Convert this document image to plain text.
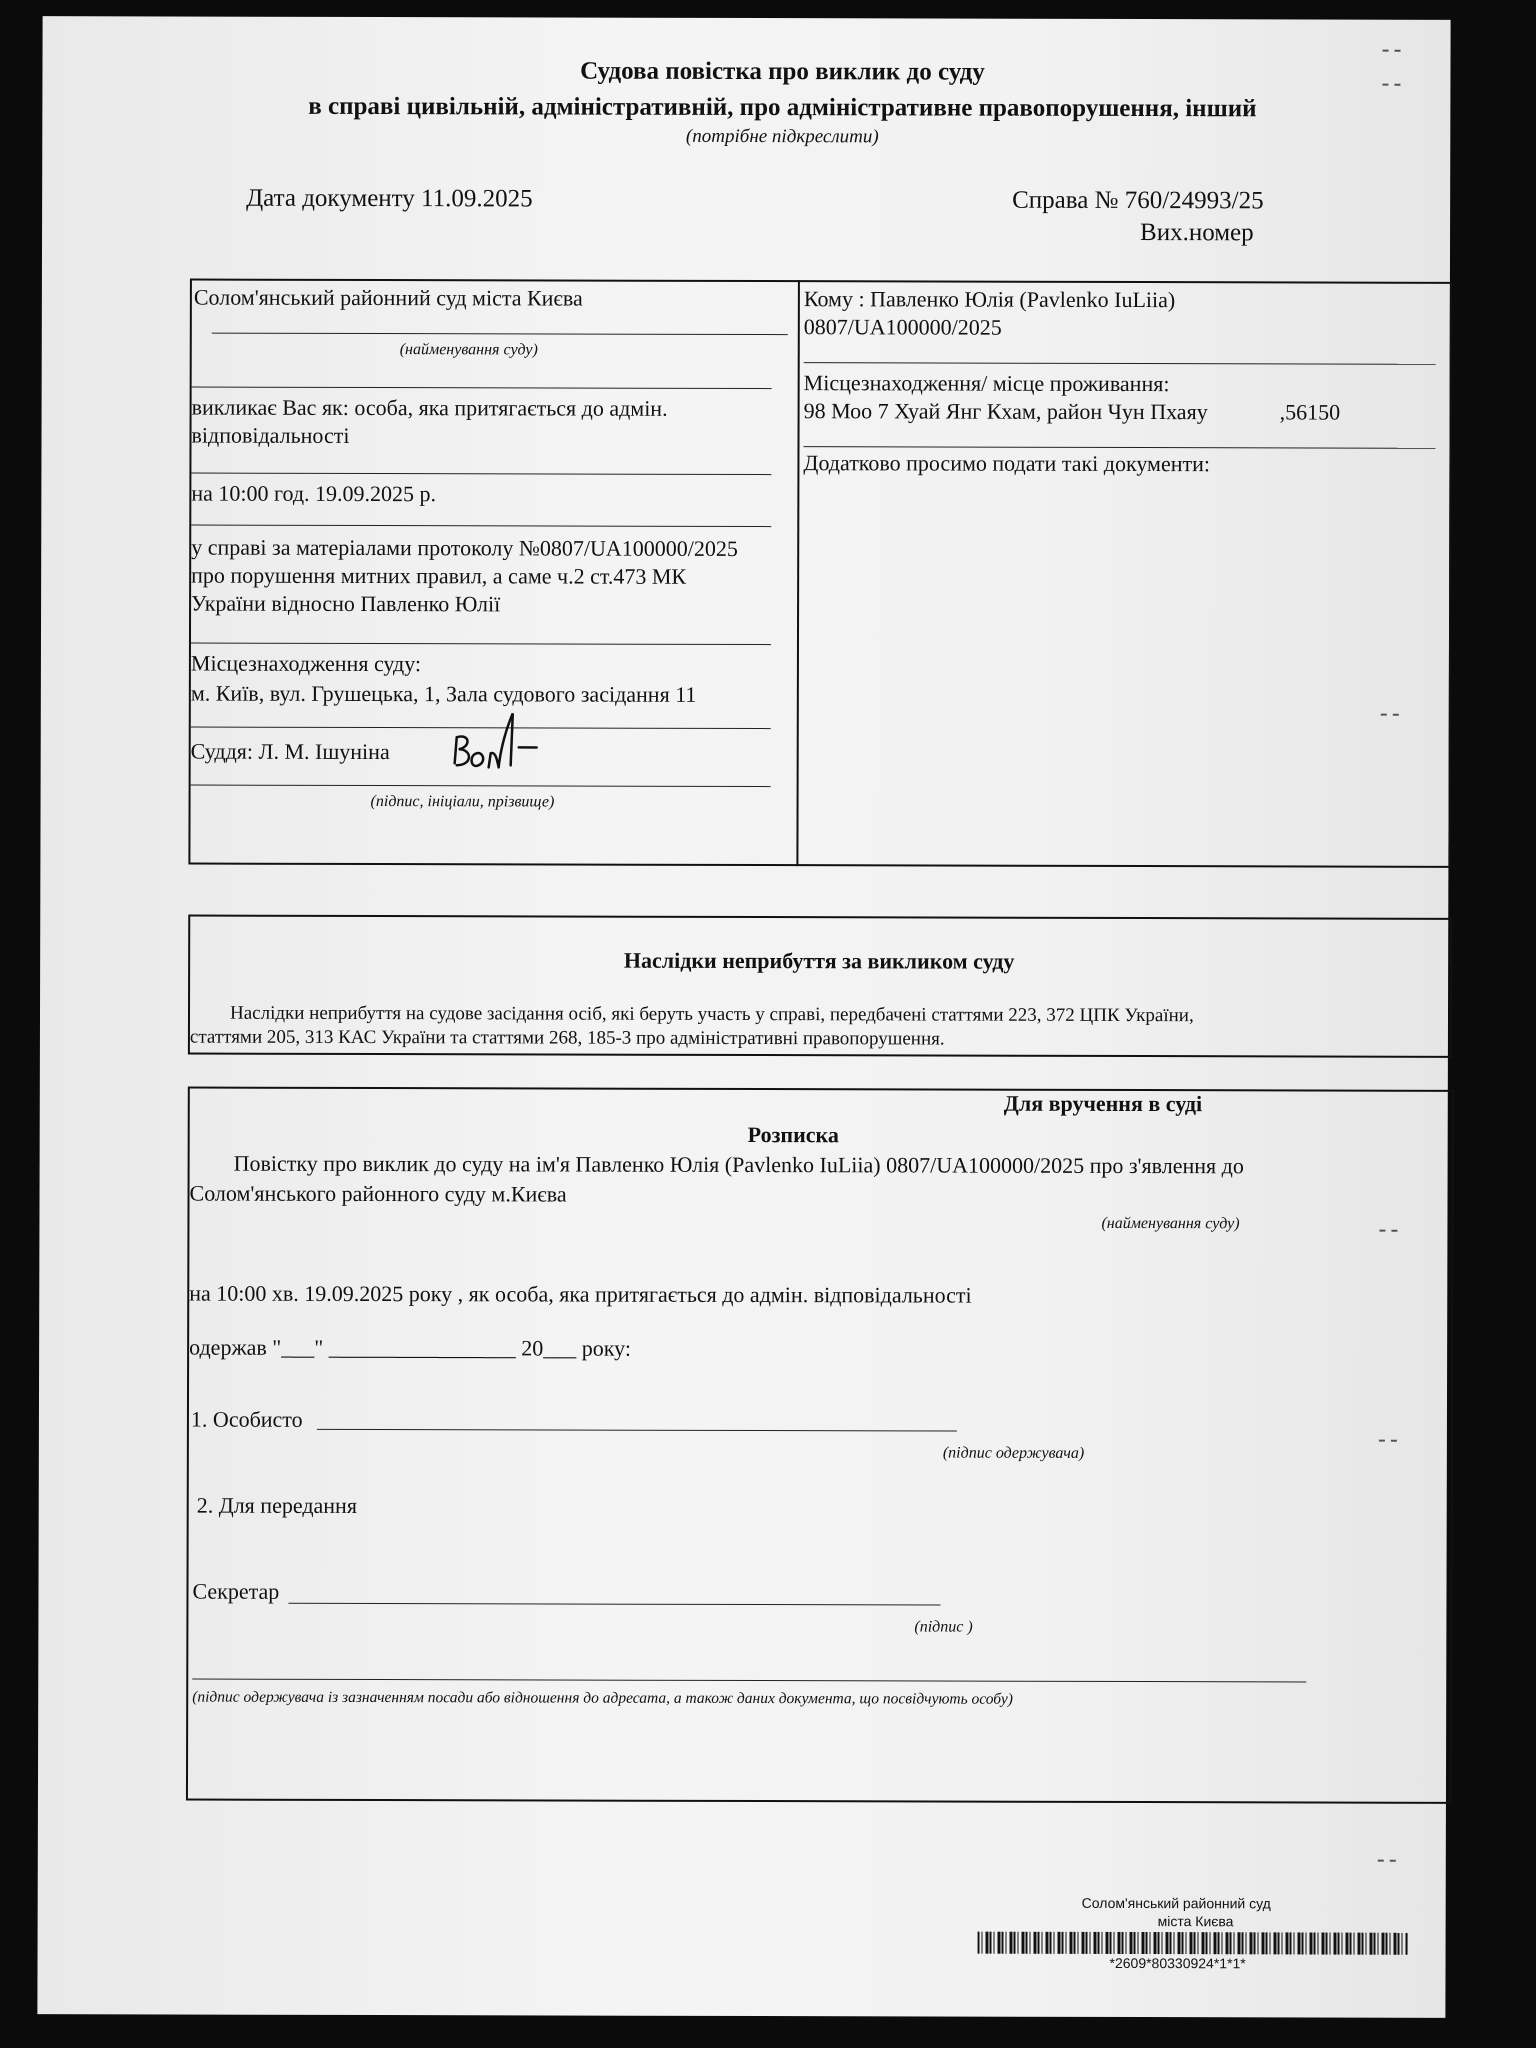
Судова повістка про виклик до суду
в справі цивільній, адміністративній, про адміністративне правопорушення, інший
(потрібне підкреслити)
Дата документу 11.09.2025	Справа № 760/24993/25
Вих.номер
Солом'янський районний суд міста Києва
(найменування суду)
викликає Вас як: особа, яка притягається до адмін.
відповідальності
на 10:00 год. 19.09.2025 р.
у справі за матеріалами протоколу №0807/UA100000/2025
про порушення митних правил, а саме ч.2 ст.473 МК
України відносно Павленко Юлії
Місцезнаходження суду:
м. Київ, вул. Грушецька, 1, Зала судового засідання 11
Суддя: Л. М. Ішуніна
(підпис, ініціали, прізвище)
Кому : Павленко Юлія (Pavlenko IuLiia)
0807/UA100000/2025
Місцезнаходження/ місце проживання:
98 Моо 7 Хуай Янг Кхам, район Чун Пхаяу	,56150
Додатково просимо подати такі документи:
Наслідки неприбуття за викликом суду
Наслідки неприбуття на судове засідання осіб, які беруть участь у справі, передбачені статтями 223, 372 ЦПК України,
статтями 205, 313 КАС України та статтями 268, 185-3 про адміністративні правопорушення.
Для вручення в суді
Розписка
Повістку про виклик до суду на ім'я Павленко Юлія (Pavlenko IuLiia) 0807/UA100000/2025 про з'явлення до
Солом'янського районного суду м.Києва
(найменування суду)
на 10:00 хв. 19.09.2025 року , як особа, яка притягається до адмін. відповідальності
одержав "___" _________________ 20___ року:
1. Особисто
(підпис одержувача)
2. Для передання
Секретар
(підпис )
(підпис одержувача із зазначенням посади або відношення до адресата, а також даних документа, що посвідчують особу)
Солом'янський районний суд
міста Києва
*2609*80330924*1*1*
